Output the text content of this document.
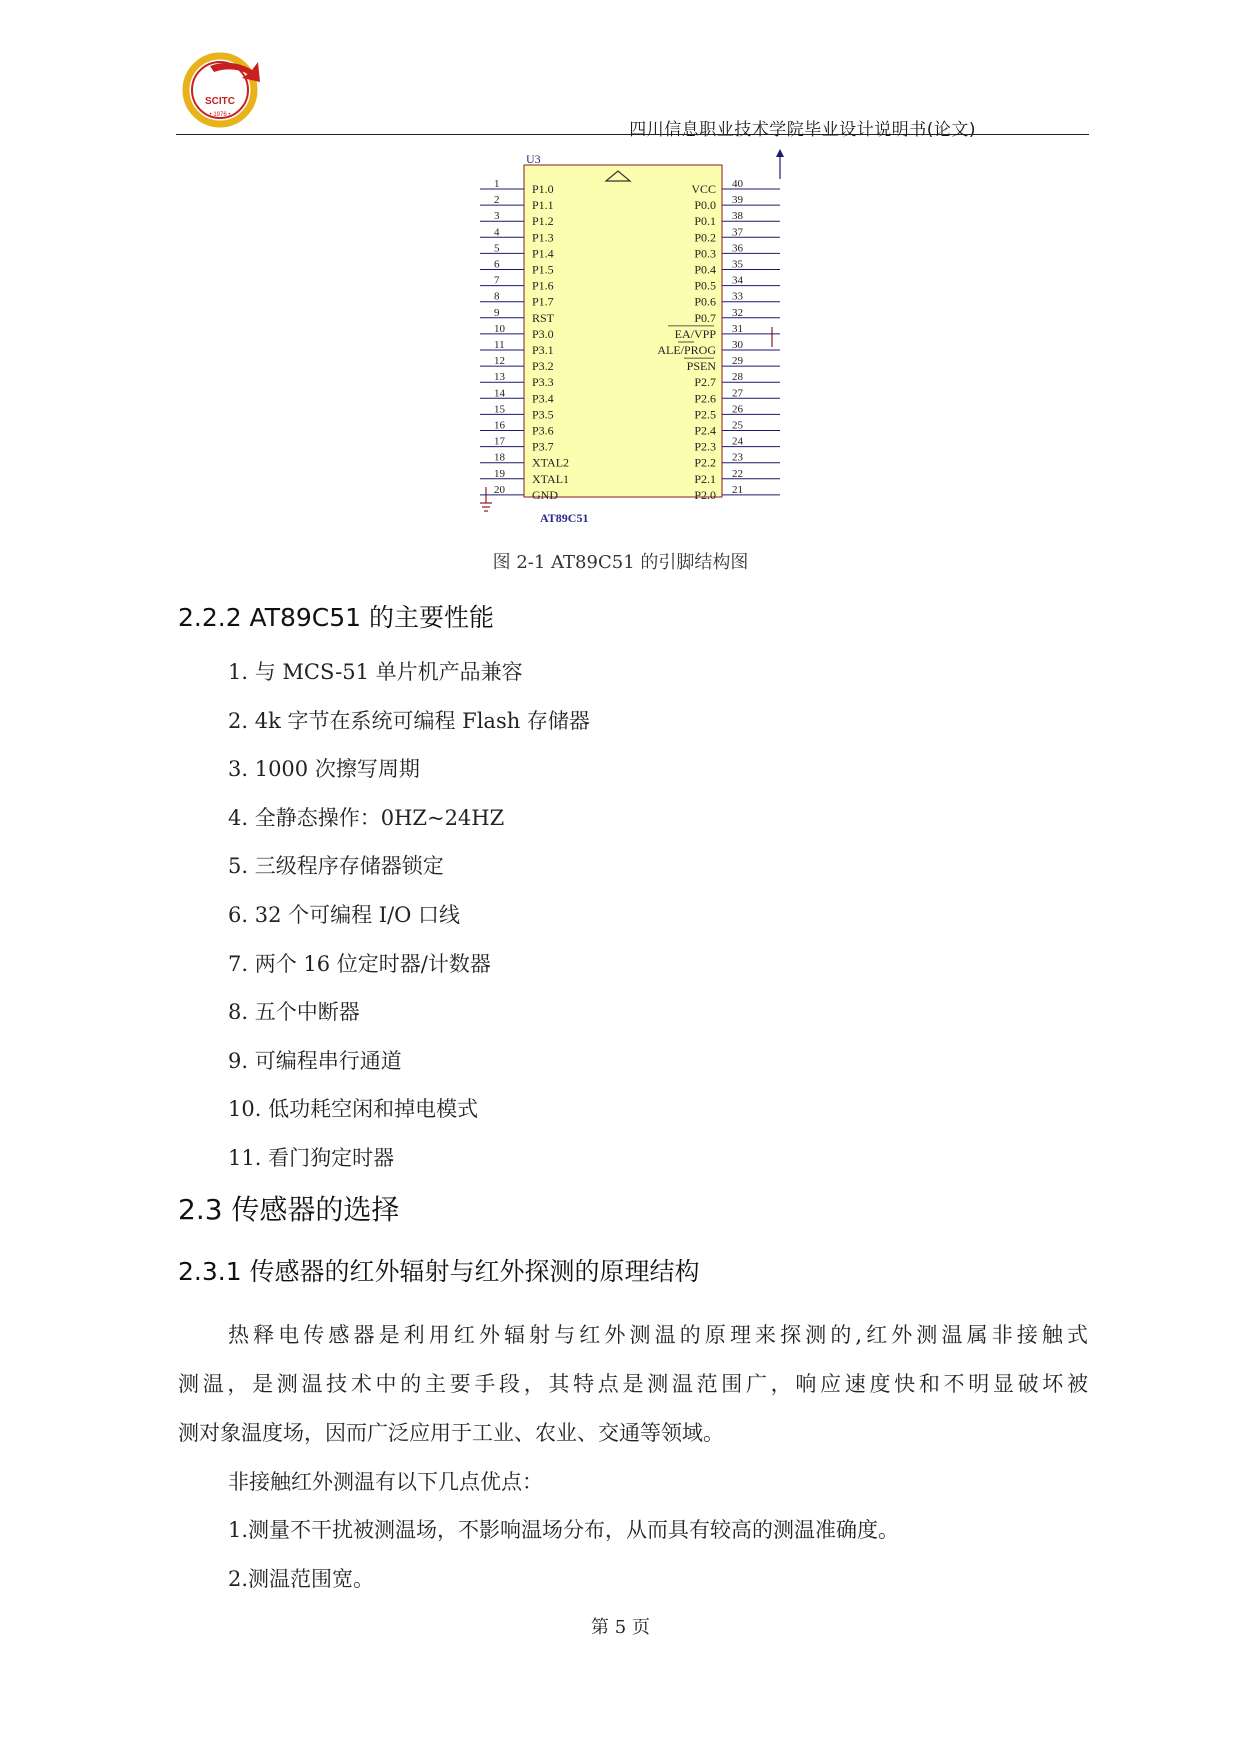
SCITC
• 1976 •
四川信息职业技术学院毕业设计说明书(论文)
U3
AT89C51
1	P1.0
2	P1.1
3	P1.2
4	P1.3
5	P1.4
6	P1.5
7	P1.6
8	P1.7
9	RST
10 P3.0
11 P3.1
12 P3.2
13 P3.3
14 P3.4
15 P3.5
16 P3.6
17 P3.7
18 XTAL2
19 XTAL1
20 GND
40
VCC
39
P0.0
38
P0.1
37
P0.2
36
P0.3
35
P0.4
34
P0.5
33
P0.6
32
P0.7
31
EA/VPP
30
ALE/PROG
29
PSEN
28
P2.7
27
P2.6
26
P2.5
25
P2.4
24
P2.3
23
P2.2
22
P2.1
21
P2.0
图 2-1 AT89C51 的引脚结构图
2.2.2 AT89C51 的主要性能
1. 与 MCS-51 单片机产品兼容
2. 4k 字节在系统可编程 Flash 存储器
3. 1000 次擦写周期
4. 全静态操作：0HZ~24HZ
5. 三级程序存储器锁定
6. 32 个可编程 I/O 口线
7. 两个 16 位定时器/计数器
8. 五个中断器
9. 可编程串行通道
10. 低功耗空闲和掉电模式
11. 看门狗定时器
2.3 传感器的选择
2.3.1 传感器的红外辐射与红外探测的原理结构
热释电传感器是利用红外辐射与红外测温的原理来探测的,红外测温属非接触式
测温，是测温技术中的主要手段，其特点是测温范围广，响应速度快和不明显破坏被
测对象温度场，因而广泛应用于工业、农业、交通等领域。
非接触红外测温有以下几点优点：
1.测量不干扰被测温场，不影响温场分布，从而具有较高的测温准确度。
2.测温范围宽。
第 5 页
